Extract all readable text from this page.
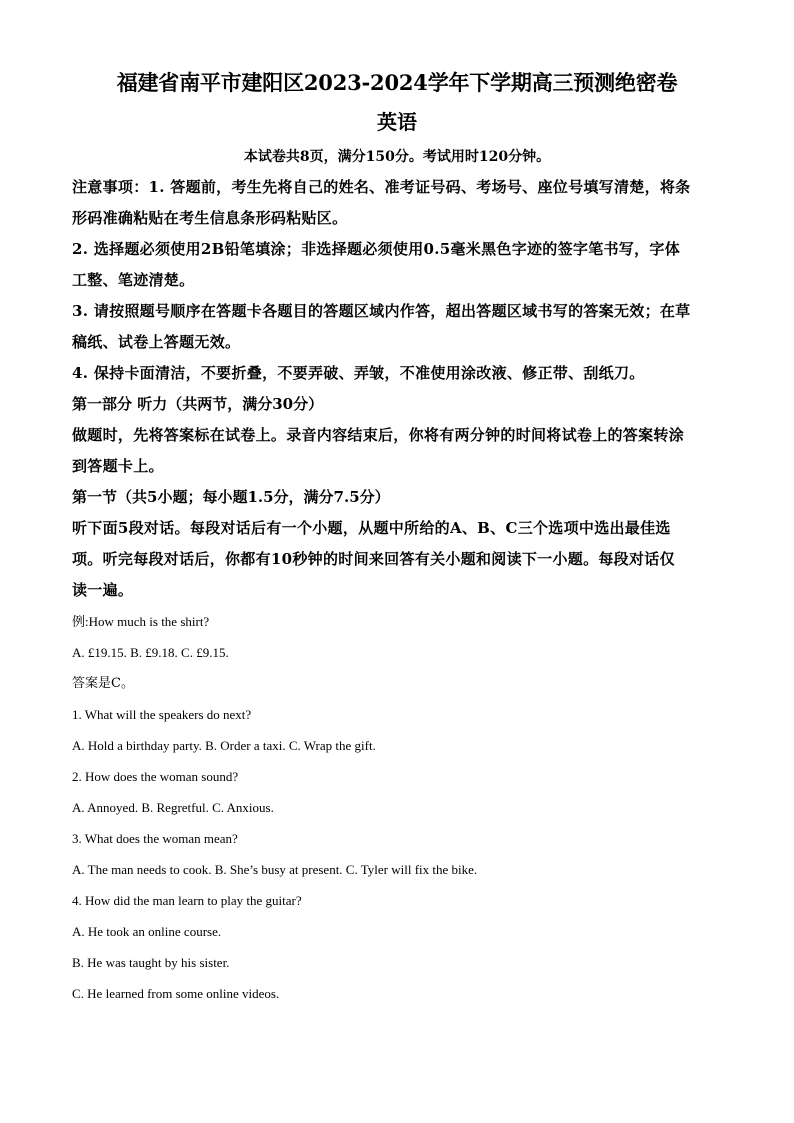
福建省南平市建阳区2023-2024学年下学期高三预测绝密卷
英语
本试卷共8页，满分150分。考试用时120分钟。

注意事项：1. 答题前，考生先将自己的姓名、准考证号码、考场号、座位号填写清楚，将条
形码准确粘贴在考生信息条形码粘贴区。

2. 选择题必须使用2B铅笔填涂；非选择题必须使用0.5毫米黑色字迹的签字笔书写，字体
工整、笔迹清楚。

3. 请按照题号顺序在答题卡各题目的答题区域内作答，超出答题区域书写的答案无效；在草
稿纸、试卷上答题无效。

4. 保持卡面清洁，不要折叠，不要弄破、弄皱，不准使用涂改液、修正带、刮纸刀。

第一部分 听力（共两节，满分30分）

做题时，先将答案标在试卷上。录音内容结束后，你将有两分钟的时间将试卷上的答案转涂
到答题卡上。

第一节（共5小题；每小题1.5分，满分7.5分）

听下面5段对话。每段对话后有一个小题，从题中所给的A、B、C三个选项中选出最佳选
项。听完每段对话后，你都有10秒钟的时间来回答有关小题和阅读下一小题。每段对话仅
读一遍。

例:How much is the shirt?

A. £19.15. B. £9.18. C. £9.15.

答案是C。

1. What will the speakers do next?

A. Hold a birthday party. B. Order a taxi. C. Wrap the gift.

2. How does the woman sound?

A. Annoyed. B. Regretful. C. Anxious.

3. What does the woman mean?

A. The man needs to cook. B. She’s busy at present. C. Tyler will fix the bike.

4. How did the man learn to play the guitar?

A. He took an online course.

B. He was taught by his sister.

C. He learned from some online videos.
